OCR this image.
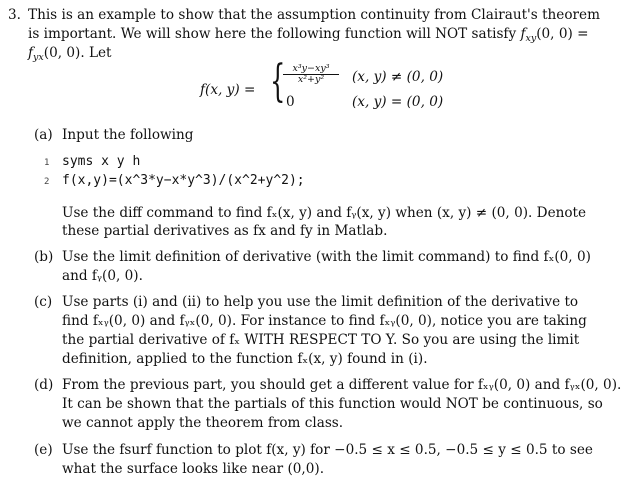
3. This is an example to show that the assumption continuity from Clairaut's theorem
is important. We will show here the following function will NOT satisfy $f_{xy}(0$, 0) =
$f_{yx}(0$, 0). Let
f(x, y) = {
$\frac{\text{x³y−xy³}}{\text{x²+y²}} (x$, y) ≠ (0, 0)
0	(x, y) = (0, 0)
(a) Input the following
1 syms x y h
2 f(x,y)=(x^3*y−x*y^3)/(x^2+y^2);
Use the diff command to find fₓ(x, y) and fᵧ(x, y) when (x, y) ≠ (0, 0). Denote
these partial derivatives as fx and fy in Matlab.
(b) Use the limit definition of derivative (with the limit command) to find fₓ(0, 0)
and fᵧ(0, 0).
(c) Use parts (i) and (ii) to help you use the limit definition of the derivative to
find fₓᵧ(0, 0) and fᵧₓ(0, 0). For instance to find fₓᵧ(0, 0), notice you are taking
the partial derivative of fₓ WITH RESPECT TO Y. So you are using the limit
definition, applied to the function fₓ(x, y) found in (i).
(d) From the previous part, you should get a different value for fₓᵧ(0, 0) and fᵧₓ(0, 0).
It can be shown that the partials of this function would NOT be continuous, so
we cannot apply the theorem from class.
(e) Use the fsurf function to plot f(x, y) for −0.5 ≤ x ≤ 0.5, −0.5 ≤ y ≤ 0.5 to see
what the surface looks like near (0,0).
